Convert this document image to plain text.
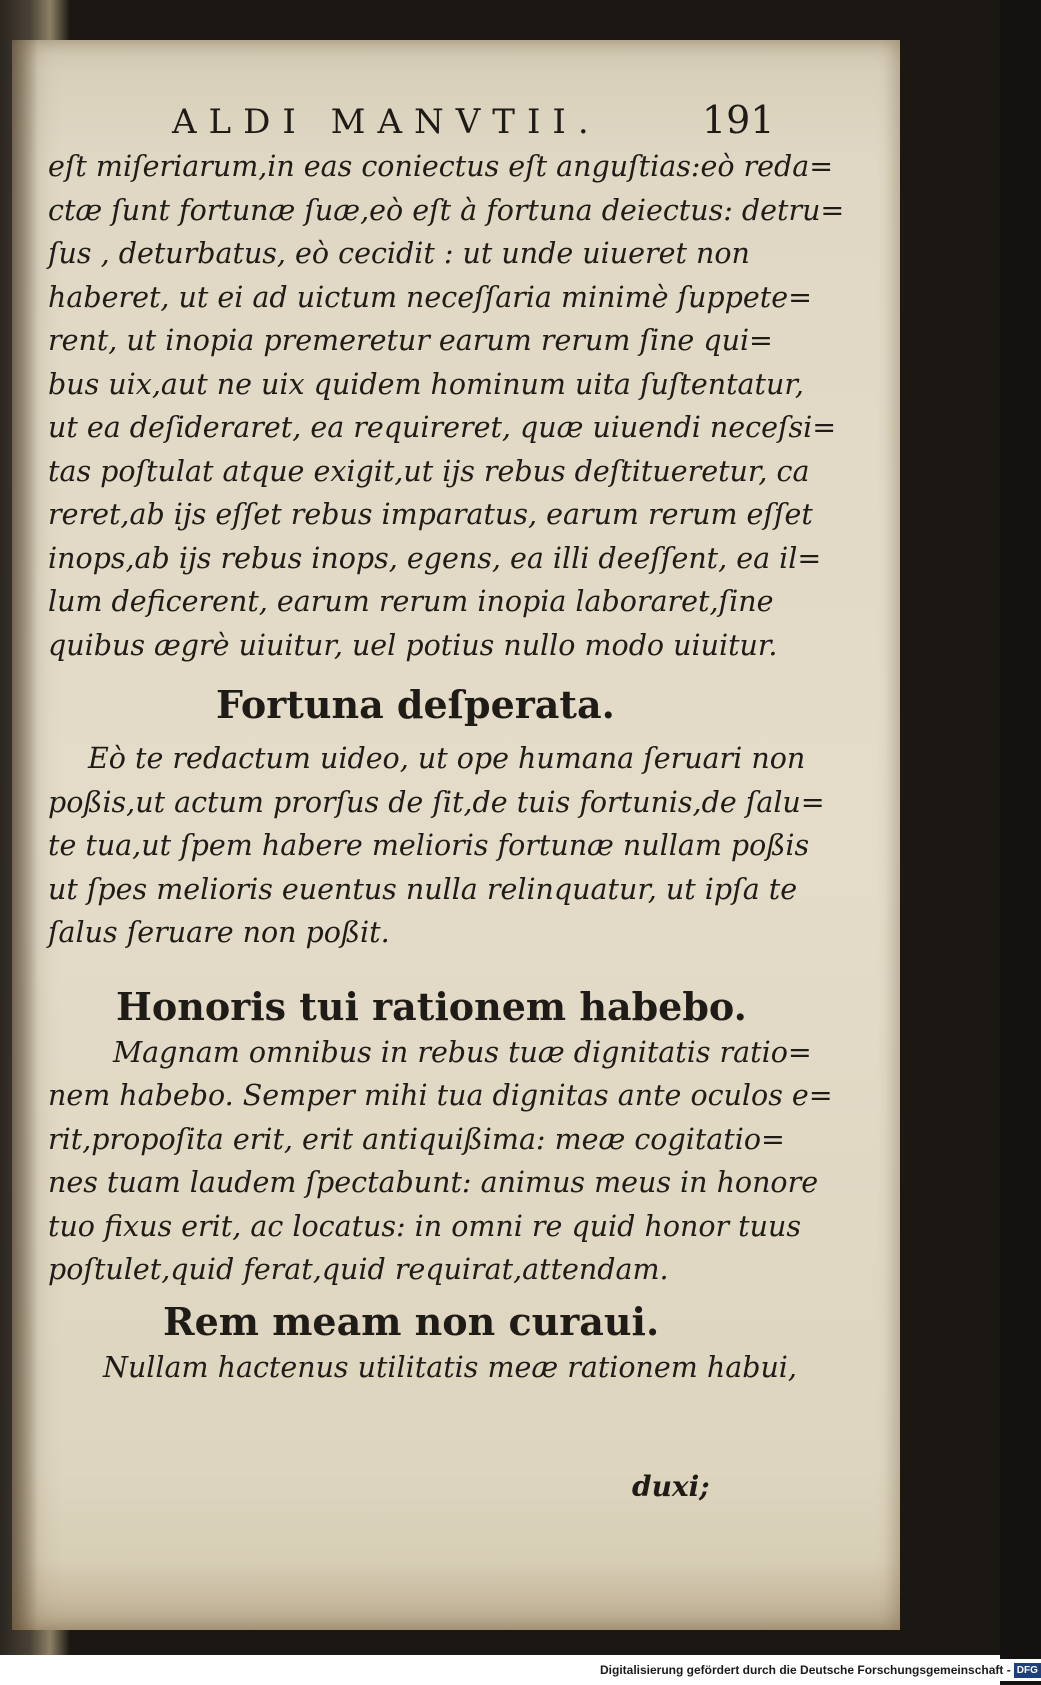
ALDI MANVTII.	191

eſt miſeriarum,in eas coniectus eſt anguſtias:eò reda=
ctæ ſunt fortunæ ſuæ,eò eſt à fortuna deiectus: detru=
ſus , deturbatus, eò cecidit : ut unde uiueret non
haberet, ut ei ad uictum neceſſaria minimè ſuppete=
rent, ut inopia premeretur earum rerum ſine qui=
bus uix,aut ne uix quidem hominum uita ſuſtentatur,
ut ea deſideraret, ea requireret, quæ uiuendi neceſsi=
tas poſtulat atque exigit,ut ijs rebus deſtitueretur, ca
reret,ab ijs eſſet rebus imparatus, earum rerum eſſet
inops,ab ijs rebus inops, egens, ea illi deeſſent, ea il=
lum deficerent, earum rerum inopia laboraret,ſine
quibus ægrè uiuitur, uel potius nullo modo uiuitur.

Fortuna deſperata.

Eò te redactum uideo, ut ope humana ſeruari non
poßis,ut actum prorſus de ſit,de tuis fortunis,de ſalu=
te tua,ut ſpem habere melioris fortunæ nullam poßis
ut ſpes melioris euentus nulla relinquatur, ut ipſa te
ſalus ſeruare non poßit.

Honoris tui rationem habebo.

Magnam omnibus in rebus tuæ dignitatis ratio=
nem habebo. Semper mihi tua dignitas ante oculos e=
rit,propoſita erit, erit antiquißima: meæ cogitatio=
nes tuam laudem ſpectabunt: animus meus in honore
tuo fixus erit, ac locatus: in omni re quid honor tuus
poſtulet,quid ferat,quid requirat,attendam.

Rem meam non curaui.

Nullam hactenus utilitatis meæ rationem habui,

duxi;
Digitalisierung gefördert durch die Deutsche Forschungsgemeinschaft - DFG
